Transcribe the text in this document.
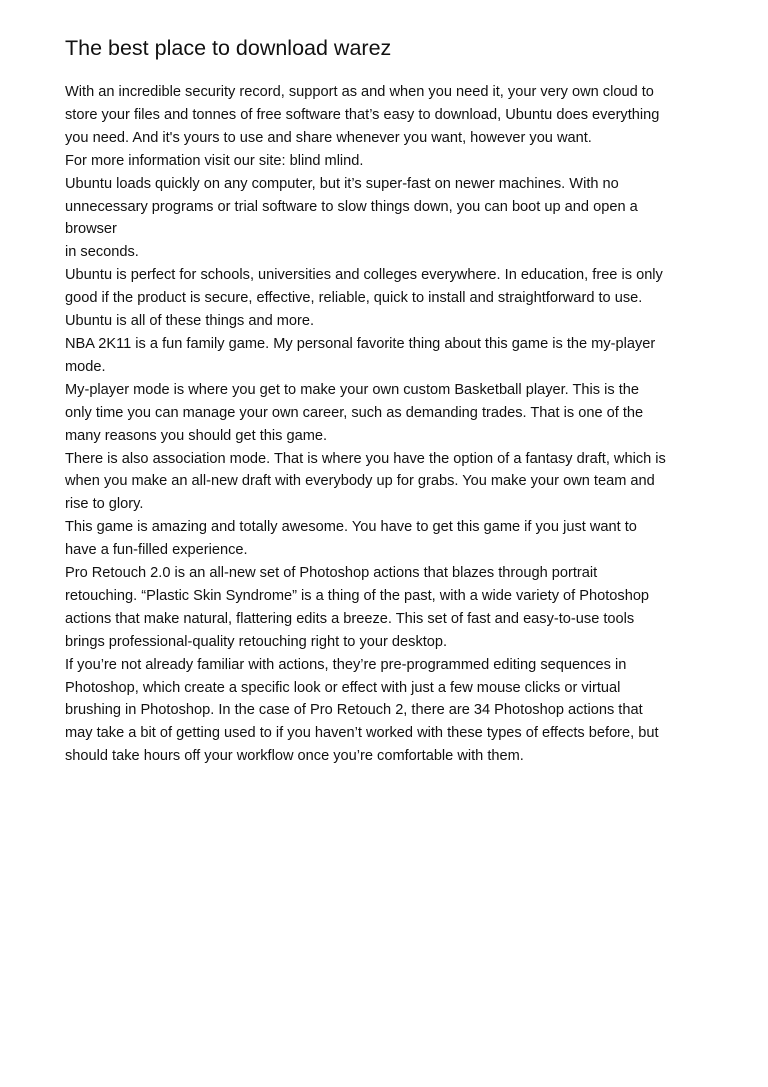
The best place to download warez
With an incredible security record, support as and when you need it, your very own cloud to
store your files and tonnes of free software that’s easy to download, Ubuntu does everything
you need. And it's yours to use and share whenever you want, however you want.
For more information visit our site: blind mlind.
Ubuntu loads quickly on any computer, but it’s super-fast on newer machines. With no
unnecessary programs or trial software to slow things down, you can boot up and open a
browser
in seconds.
Ubuntu is perfect for schools, universities and colleges everywhere. In education, free is only
good if the product is secure, effective, reliable, quick to install and straightforward to use.
Ubuntu is all of these things and more.
NBA 2K11 is a fun family game. My personal favorite thing about this game is the my-player
mode.
My-player mode is where you get to make your own custom Basketball player. This is the
only time you can manage your own career, such as demanding trades. That is one of the
many reasons you should get this game.
There is also association mode. That is where you have the option of a fantasy draft, which is
when you make an all-new draft with everybody up for grabs. You make your own team and
rise to glory.
This game is amazing and totally awesome. You have to get this game if you just want to
have a fun-filled experience.
Pro Retouch 2.0 is an all-new set of Photoshop actions that blazes through portrait
retouching. “Plastic Skin Syndrome” is a thing of the past, with a wide variety of Photoshop
actions that make natural, flattering edits a breeze. This set of fast and easy-to-use tools
brings professional-quality retouching right to your desktop.
If you’re not already familiar with actions, they’re pre-programmed editing sequences in
Photoshop, which create a specific look or effect with just a few mouse clicks or virtual
brushing in Photoshop. In the case of Pro Retouch 2, there are 34 Photoshop actions that
may take a bit of getting used to if you haven’t worked with these types of effects before, but
should take hours off your workflow once you’re comfortable with them.
